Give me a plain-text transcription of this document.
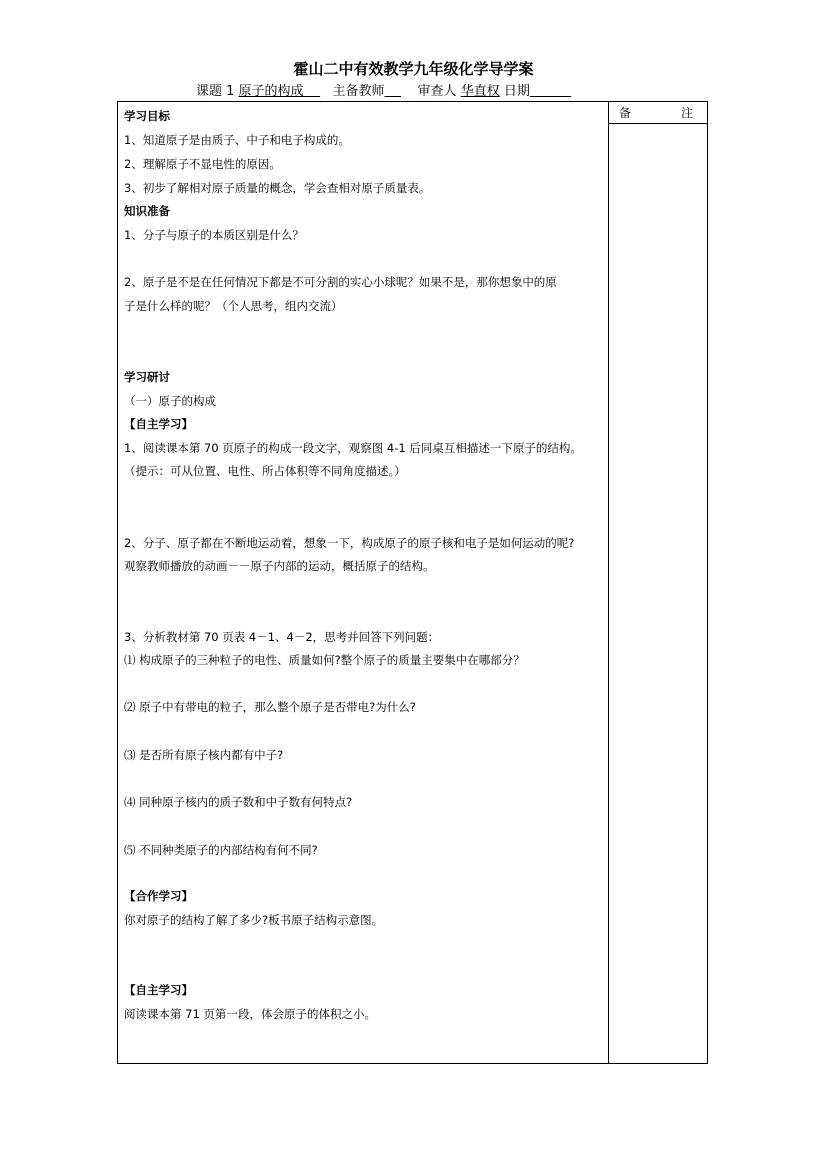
霍山二中有效教学九年级化学导学案
课题 1 原子的构成       主备教师        审查人 华直权 日期
学习目标
1、知道原子是由质子、中子和电子构成的。
2、理解原子不显电性的原因。
3、初步了解相对原子质量的概念，学会查相对原子质量表。
知识准备
1、分子与原子的本质区别是什么？
2、原子是不是在任何情况下都是不可分割的实心小球呢？如果不是，那你想象中的原
子是什么样的呢？（个人思考，组内交流）
学习研讨
（一）原子的构成
【自主学习】
1、阅读课本第 70 页原子的构成一段文字，观察图 4-1 后同桌互相描述一下原子的结构。
（提示：可从位置、电性、所占体积等不同角度描述。）
2、分子、原子都在不断地运动着，想象一下，构成原子的原子核和电子是如何运动的呢?
观察教师播放的动画－－原子内部的运动，概括原子的结构。
3、分析教材第 70 页表 4－1、4－2，思考并回答下列问题：
⑴ 构成原子的三种粒子的电性、质量如何?整个原子的质量主要集中在哪部分？
⑵ 原子中有带电的粒子，那么整个原子是否带电?为什么?
⑶ 是否所有原子核内都有中子?
⑷ 同种原子核内的质子数和中子数有何特点?
⑸ 不同种类原子的内部结构有何不同?
【合作学习】
你对原子的结构了解了多少?板书原子结构示意图。
【自主学习】
阅读课本第 71 页第一段，体会原子的体积之小。
备	注
